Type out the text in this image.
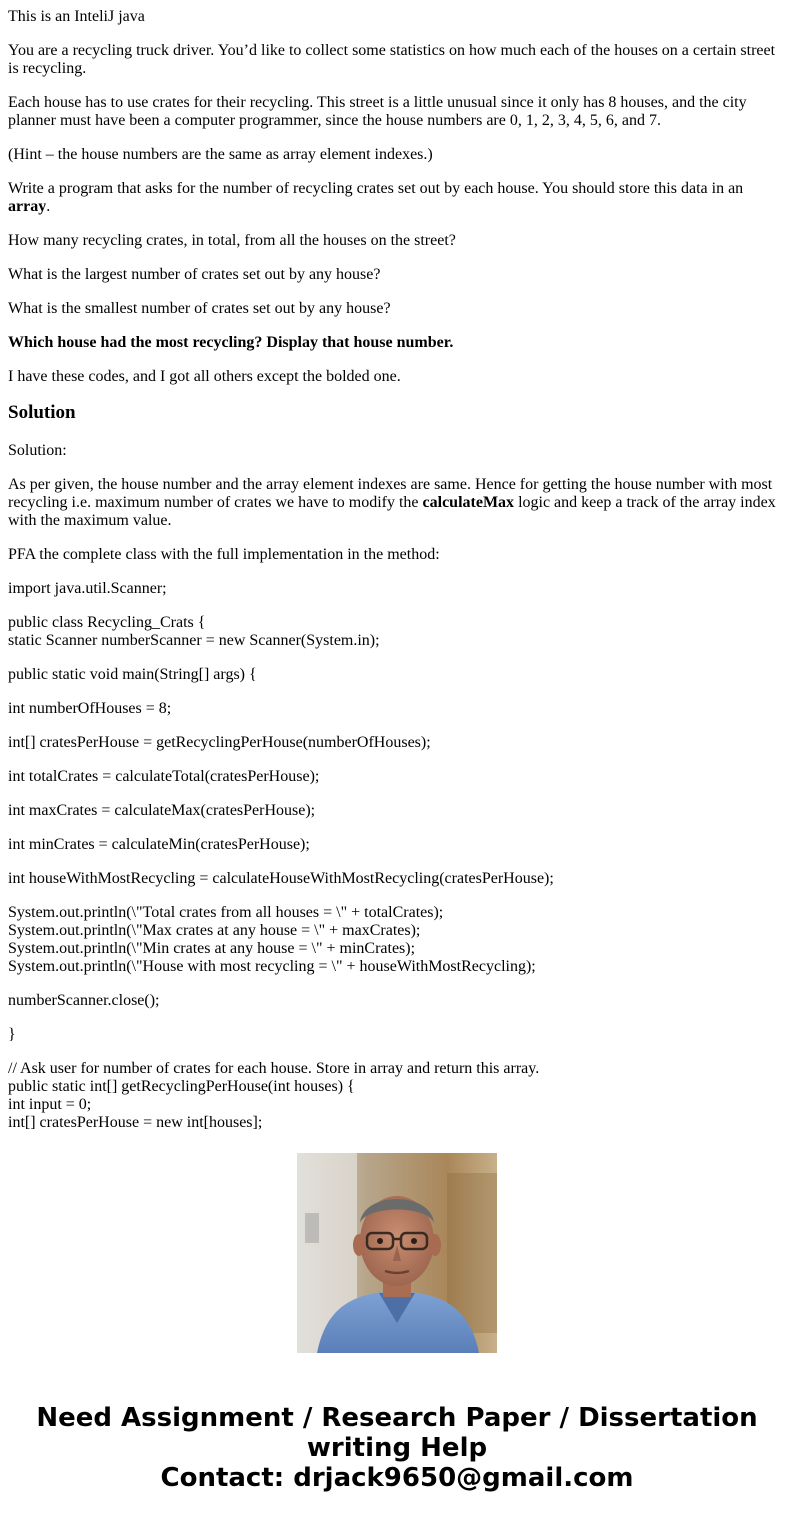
This is an InteliJ java

You are a recycling truck driver. You’d like to collect some statistics on how much each of the houses on a certain street is recycling.

Each house has to use crates for their recycling. This street is a little unusual since it only has 8 houses, and the city planner must have been a computer programmer, since the house numbers are 0, 1, 2, 3, 4, 5, 6, and 7.

(Hint – the house numbers are the same as array element indexes.)

Write a program that asks for the number of recycling crates set out by each house. You should store this data in an array.

How many recycling crates, in total, from all the houses on the street?

What is the largest number of crates set out by any house?

What is the smallest number of crates set out by any house?

Which house had the most recycling? Display that house number.

I have these codes, and I got all others except the bolded one.

Solution

Solution:

As per given, the house number and the array element indexes are same. Hence for getting the house number with most recycling i.e. maximum number of crates we have to modify the calculateMax logic and keep a track of the array index with the maximum value.

PFA the complete class with the full implementation in the method:

import java.util.Scanner;

public class Recycling_Crats {

static Scanner numberScanner = new Scanner(System.in);

public static void main(String[] args) {

int numberOfHouses = 8;

int[] cratesPerHouse = getRecyclingPerHouse(numberOfHouses);

int totalCrates = calculateTotal(cratesPerHouse);

int maxCrates = calculateMax(cratesPerHouse);

int minCrates = calculateMin(cratesPerHouse);

int houseWithMostRecycling = calculateHouseWithMostRecycling(cratesPerHouse);

System.out.println(\"Total crates from all houses = \" + totalCrates);

System.out.println(\"Max crates at any house = \" + maxCrates);

System.out.println(\"Min crates at any house = \" + minCrates);

System.out.println(\"House with most recycling = \" + houseWithMostRecycling);

numberScanner.close();

}

// Ask user for number of crates for each house. Store in array and return this array.

public static int[] getRecyclingPerHouse(int houses) {

int input = 0;

int[] cratesPerHouse = new int[houses];

Need Assignment / Research Paper / Dissertation
writing Help
Contact: drjack9650@gmail.com
